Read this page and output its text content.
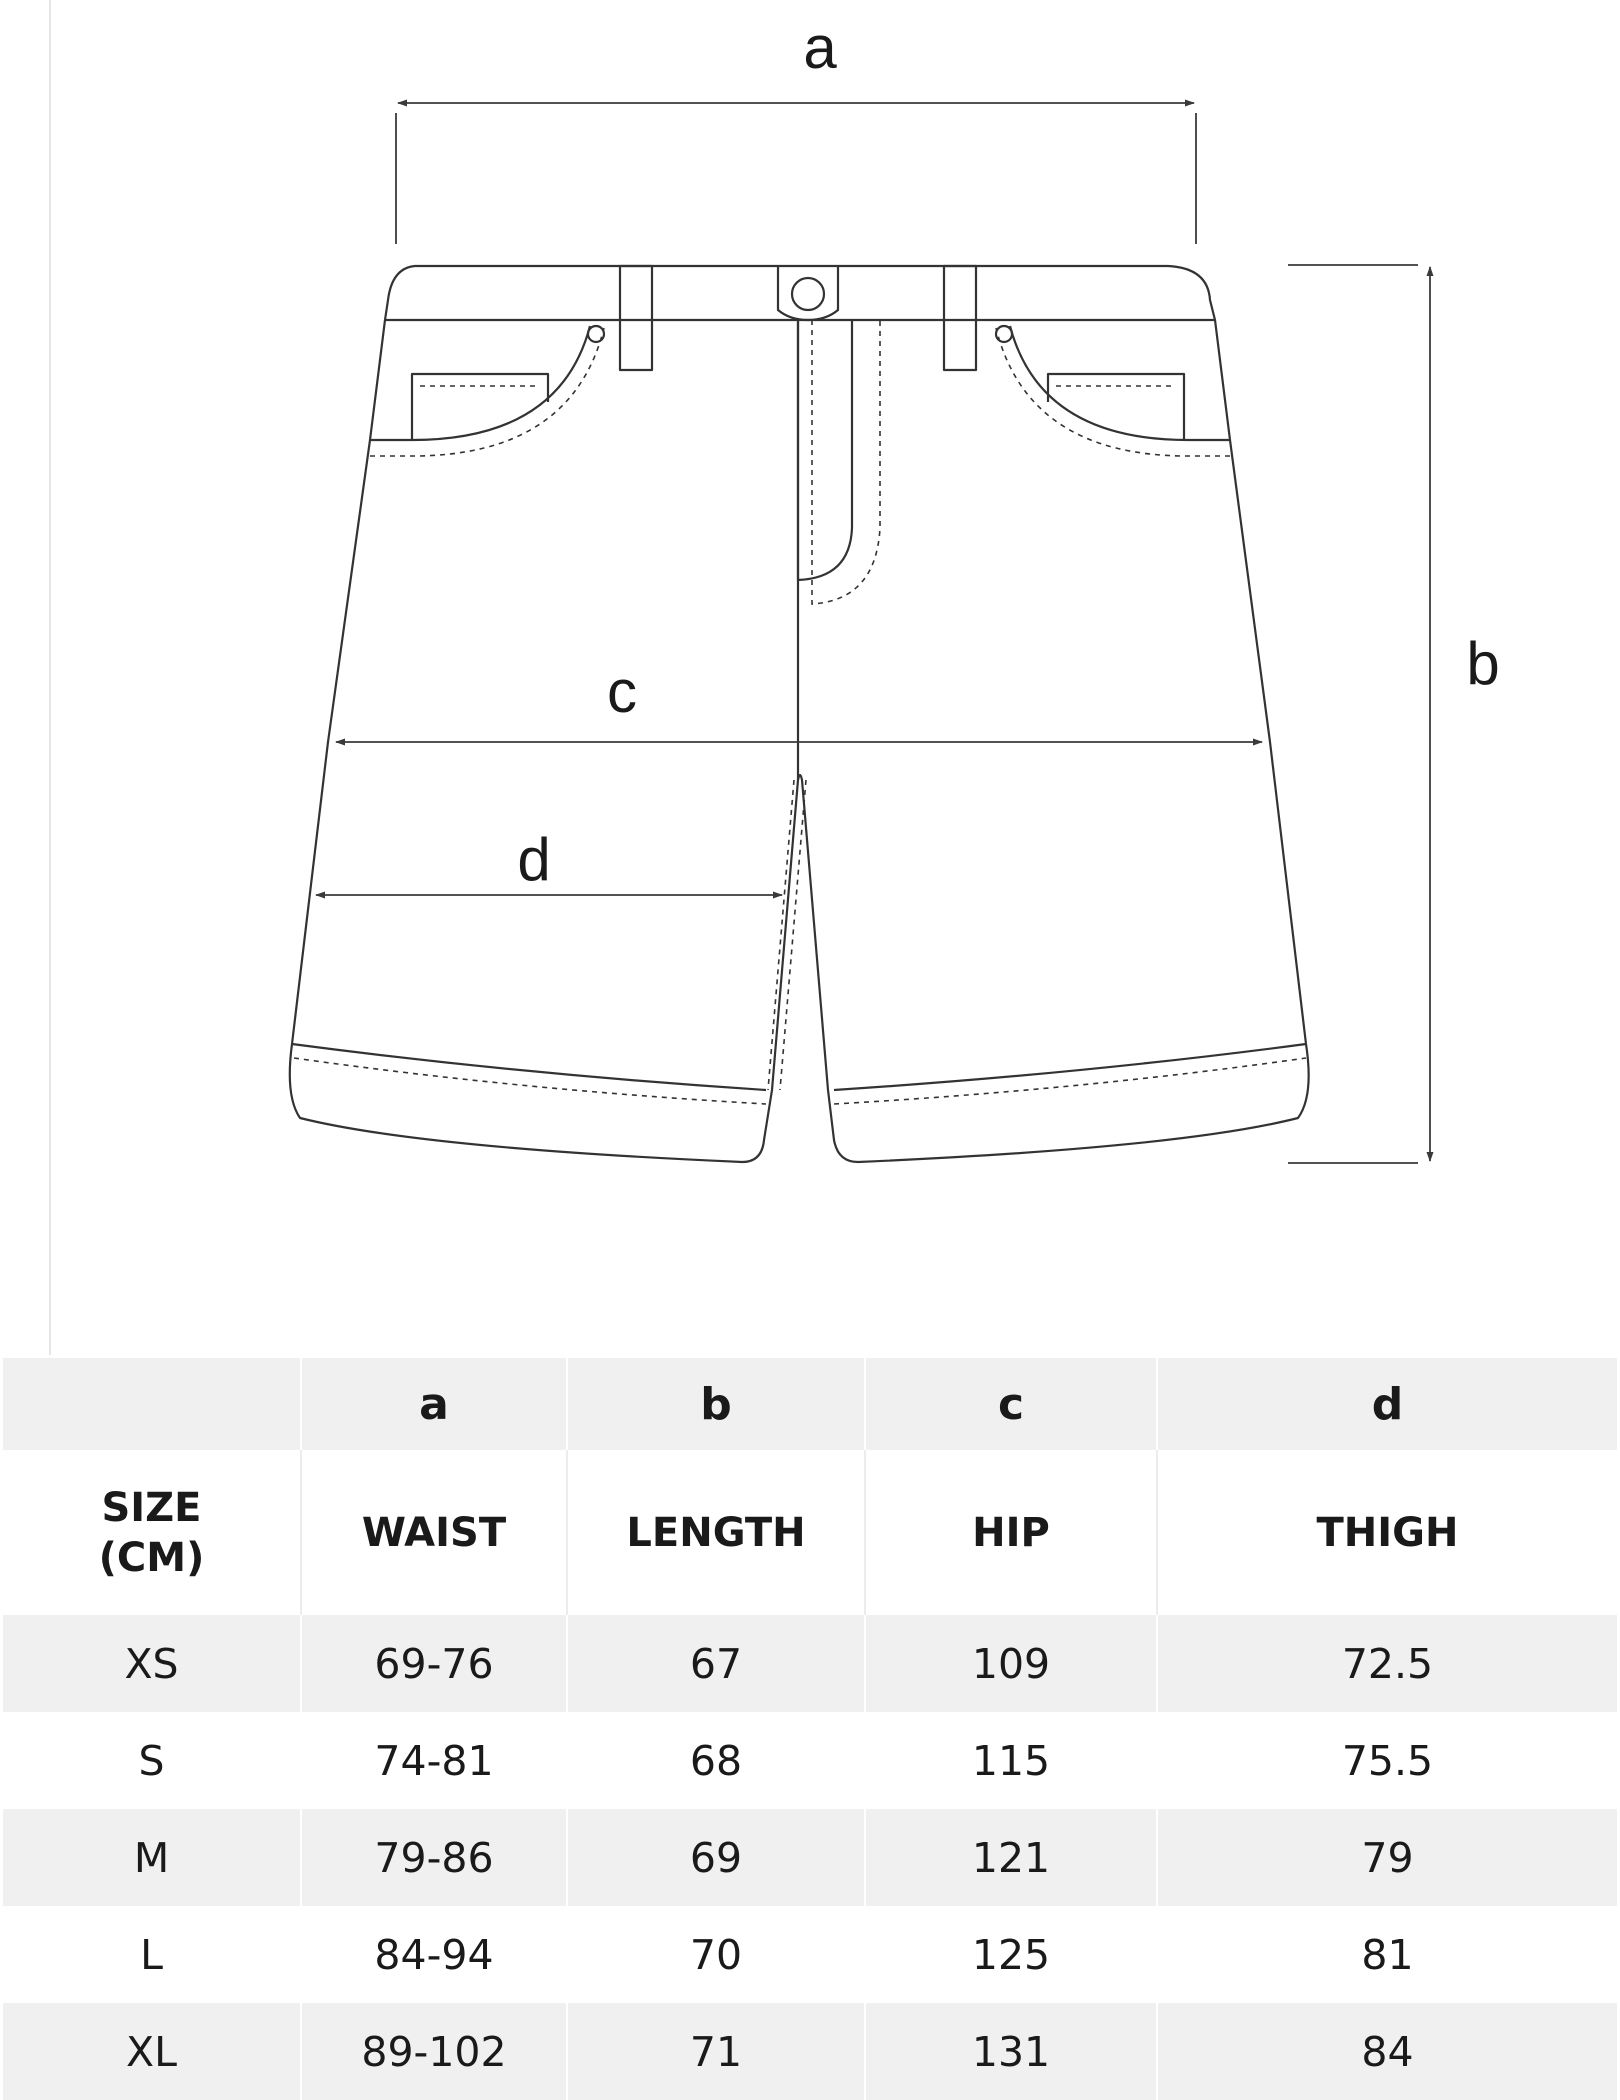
a
b
c
d
	a	b	c	d
SIZE
(CM)	WAIST	LENGTH	HIP	THIGH
XS	69-76	67	109	72.5
S	74-81	68	115	75.5
M	79-86	69	121	79
L	84-94	70	125	81
XL	89-102	71	131	84
